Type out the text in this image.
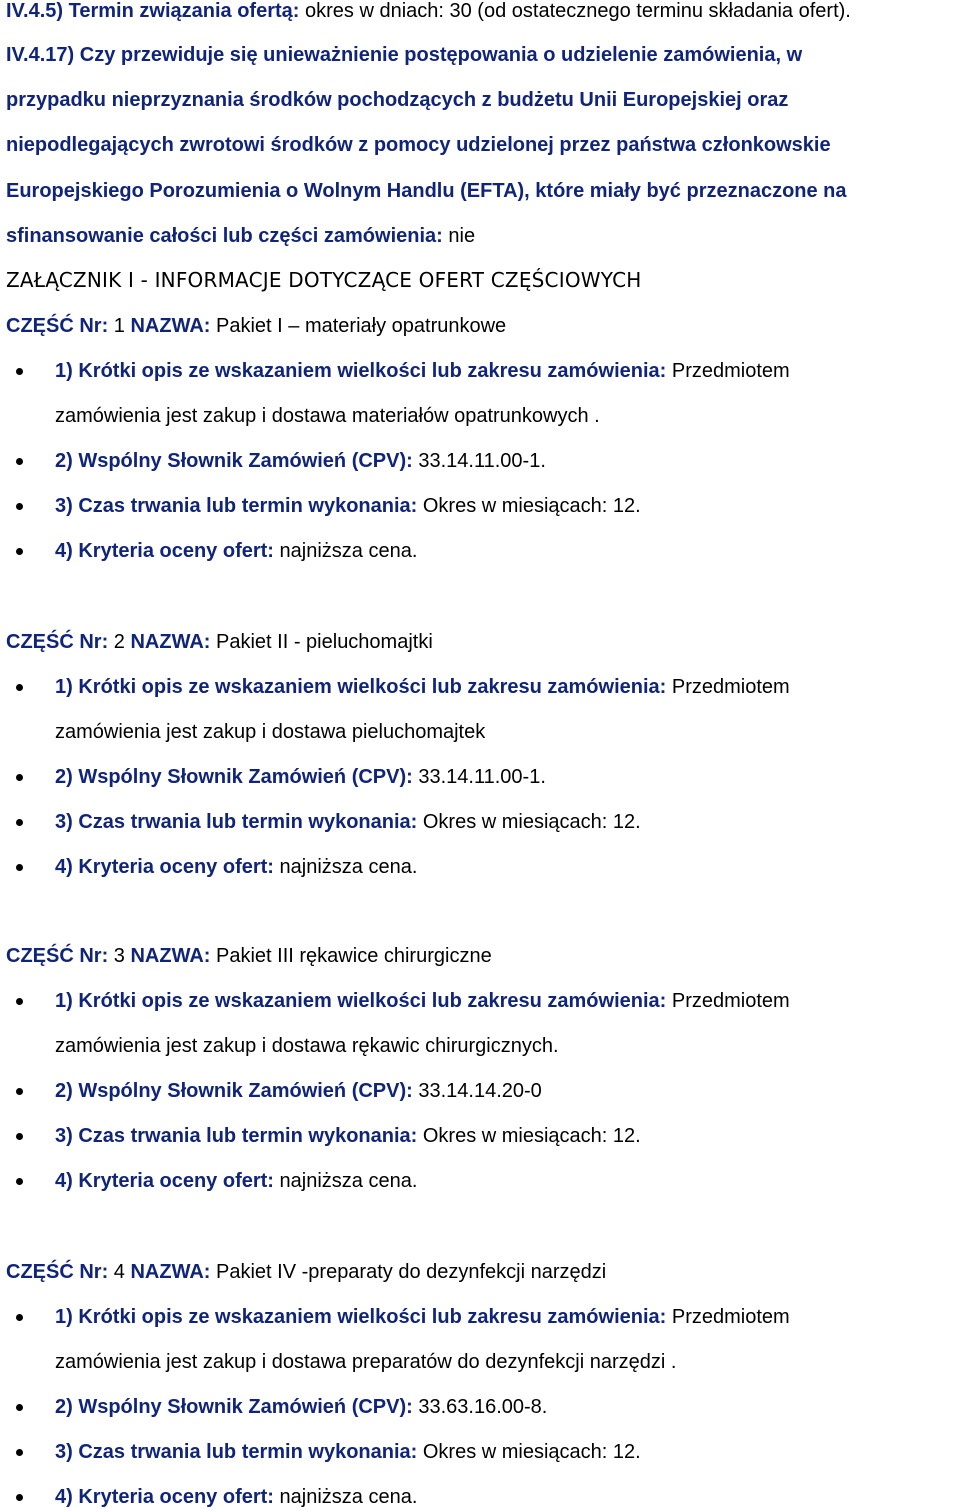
IV.4.5) Termin związania ofertą: okres w dniach: 30 (od ostatecznego terminu składania ofert).
IV.4.17) Czy przewiduje się unieważnienie postępowania o udzielenie zamówienia, w
przypadku nieprzyznania środków pochodzących z budżetu Unii Europejskiej oraz
niepodlegających zwrotowi środków z pomocy udzielonej przez państwa członkowskie
Europejskiego Porozumienia o Wolnym Handlu (EFTA), które miały być przeznaczone na
sfinansowanie całości lub części zamówienia: nie
ZAŁĄCZNIK I - INFORMACJE DOTYCZĄCE OFERT CZĘŚCIOWYCH
CZĘŚĆ Nr: 1 NAZWA: Pakiet I – materiały opatrunkowe
1) Krótki opis ze wskazaniem wielkości lub zakresu zamówienia: Przedmiotem
zamówienia jest zakup i dostawa materiałów opatrunkowych .
2) Wspólny Słownik Zamówień (CPV): 33.14.11.00-1.
3) Czas trwania lub termin wykonania: Okres w miesiącach: 12.
4) Kryteria oceny ofert: najniższa cena.
CZĘŚĆ Nr: 2 NAZWA: Pakiet II - pieluchomajtki
1) Krótki opis ze wskazaniem wielkości lub zakresu zamówienia: Przedmiotem
zamówienia jest zakup i dostawa pieluchomajtek
2) Wspólny Słownik Zamówień (CPV): 33.14.11.00-1.
3) Czas trwania lub termin wykonania: Okres w miesiącach: 12.
4) Kryteria oceny ofert: najniższa cena.
CZĘŚĆ Nr: 3 NAZWA: Pakiet III rękawice chirurgiczne
1) Krótki opis ze wskazaniem wielkości lub zakresu zamówienia: Przedmiotem
zamówienia jest zakup i dostawa rękawic chirurgicznych.
2) Wspólny Słownik Zamówień (CPV): 33.14.14.20-0
3) Czas trwania lub termin wykonania: Okres w miesiącach: 12.
4) Kryteria oceny ofert: najniższa cena.
CZĘŚĆ Nr: 4 NAZWA: Pakiet IV -preparaty do dezynfekcji narzędzi
1) Krótki opis ze wskazaniem wielkości lub zakresu zamówienia: Przedmiotem
zamówienia jest zakup i dostawa preparatów do dezynfekcji narzędzi .
2) Wspólny Słownik Zamówień (CPV): 33.63.16.00-8.
3) Czas trwania lub termin wykonania: Okres w miesiącach: 12.
4) Kryteria oceny ofert: najniższa cena.
